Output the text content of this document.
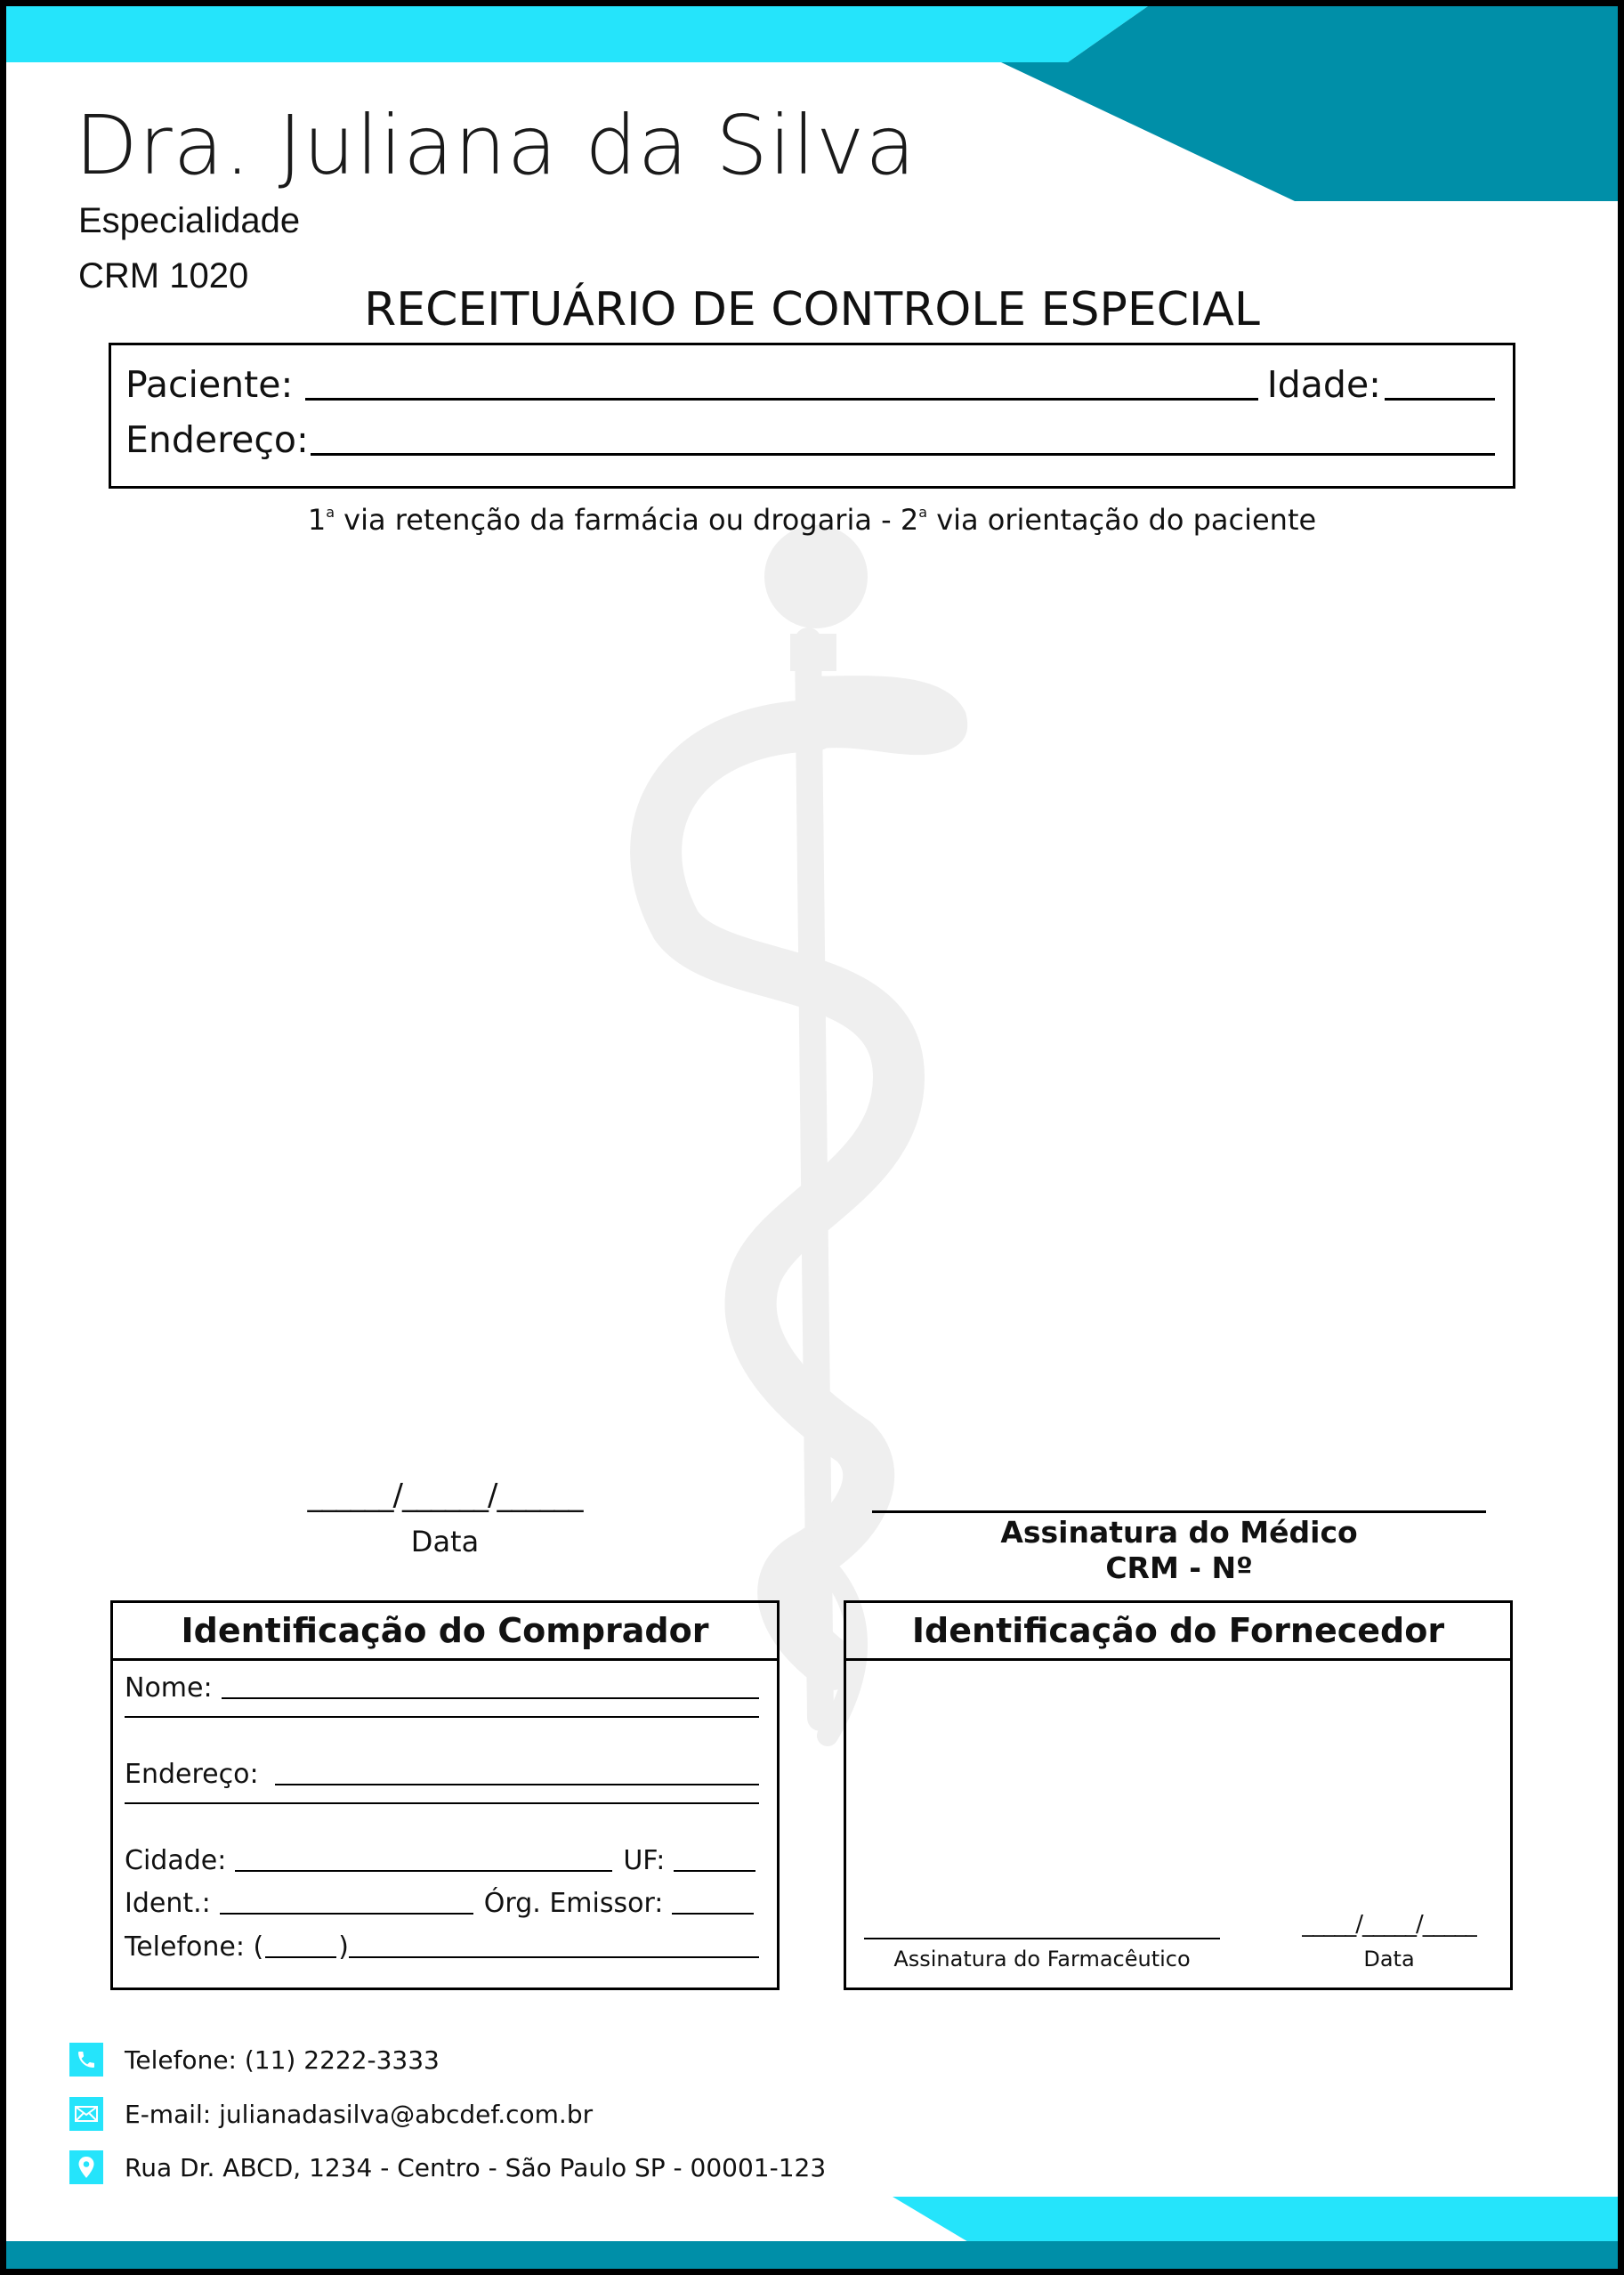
Dra. Juliana da Silva
Especialidade
CRM 1020
RECEITUÁRIO DE CONTROLE ESPECIAL
Paciente:	Idade:
Endereço:
1$^a$ via retenção da farmácia ou drogaria - 2$^a$ via orientação do paciente
______/______/______
Data	Assinatura do Médico
CRM - Nº
Identificação do Comprador
Nome:
Endereço:
Cidade:	UF:
Ident.:	Órg. Emissor:
Telefone: (	)
Identificação do Fornecedor
Assinatura do Farmacêutico
_____/_____/_____
Data
Telefone: (11) 2222-3333
E-mail: julianadasilva@abcdef.com.br
Rua Dr. ABCD, 1234 - Centro - São Paulo SP - 00001-123
